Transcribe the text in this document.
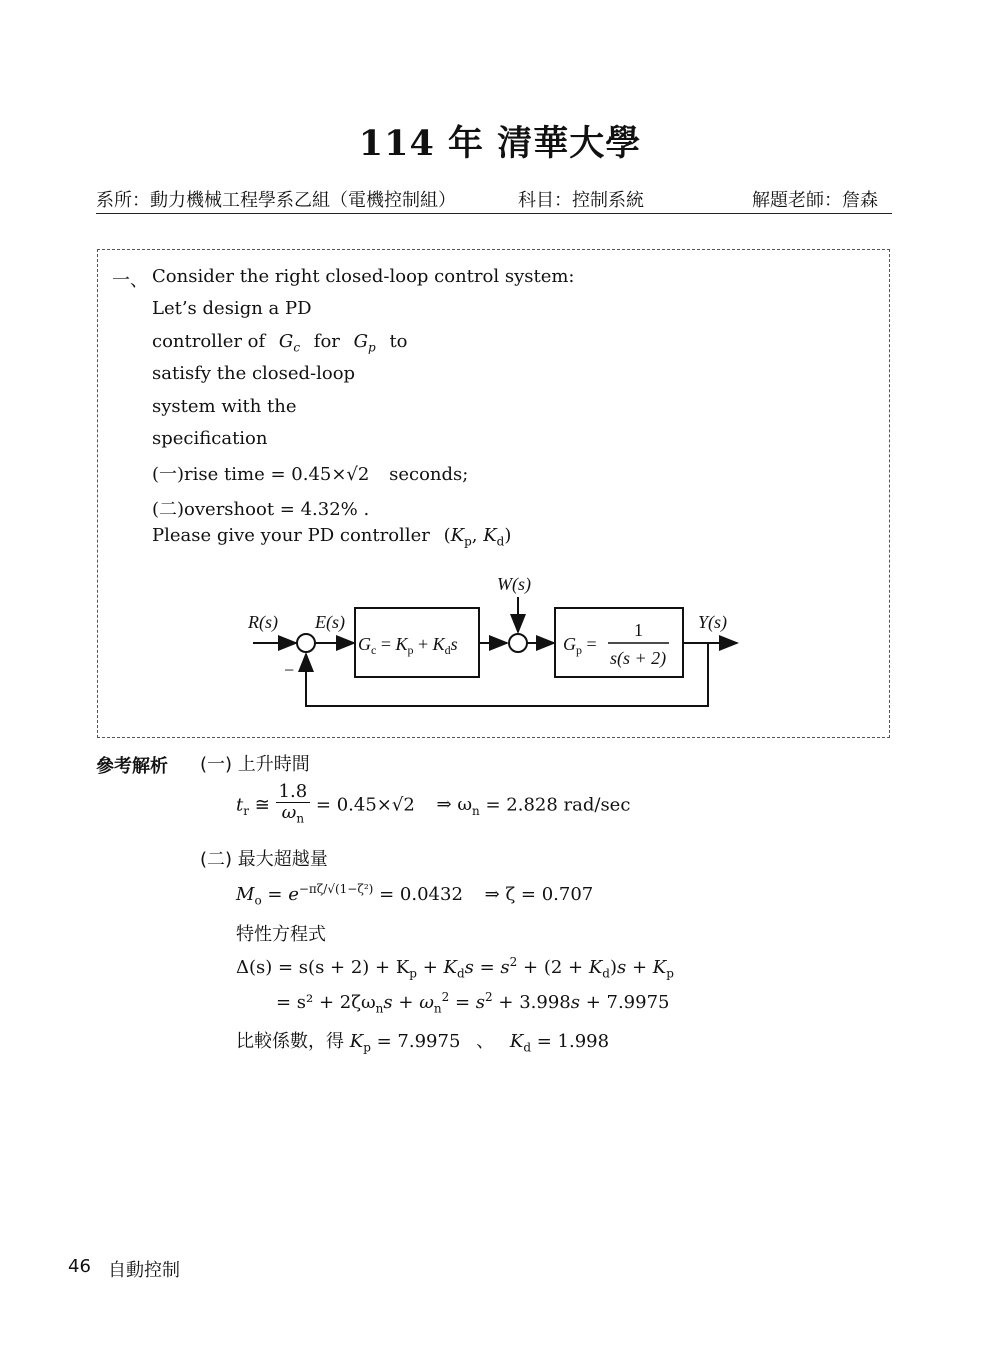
114 年 清華大學
系所：動力機械工程學系乙組（電機控制組）	科目：控制系統	解題老師：詹森
一、 Consider the right closed-loop control system:
Let’s design a PD
controller of $G_c$ for $G_p$ to
satisfy the closed-loop
system with the
specification
(一)rise time = 0.45×√2 seconds;
(二)overshoot = 4.32% .
Please give your PD controller ($K_p$, $K_d$)
W(s)
R(s) E(s)	Y(s)
−
$G_c = K_p + K_ds$	$G_p$ =
1
s(s + 2)
參考解析 (一) 上升時間
$t_r$ ≅ $\frac{1.8}{\omega_n} = 0.45\times√2$ ⇒ $\omega_n = 2.828$ rad/sec
(二) 最大超越量
$M_o = e^{-\pi\zeta/√(1-\zeta^2)} = 0.0432$ ⇒ ζ = 0.707
特性方程式
$\Delta(s) = s(s + 2) + K_p + K_ds = s^2 + (2 + K_d)s + K_p$
= $s^2 + 2\zeta\omega_ns + \omega_n^2 = s^2 + 3.998s + 7.9975$
比較係數，得 $K_p = 7.9975$ 、 $K_d = 1.998$
46 自動控制
